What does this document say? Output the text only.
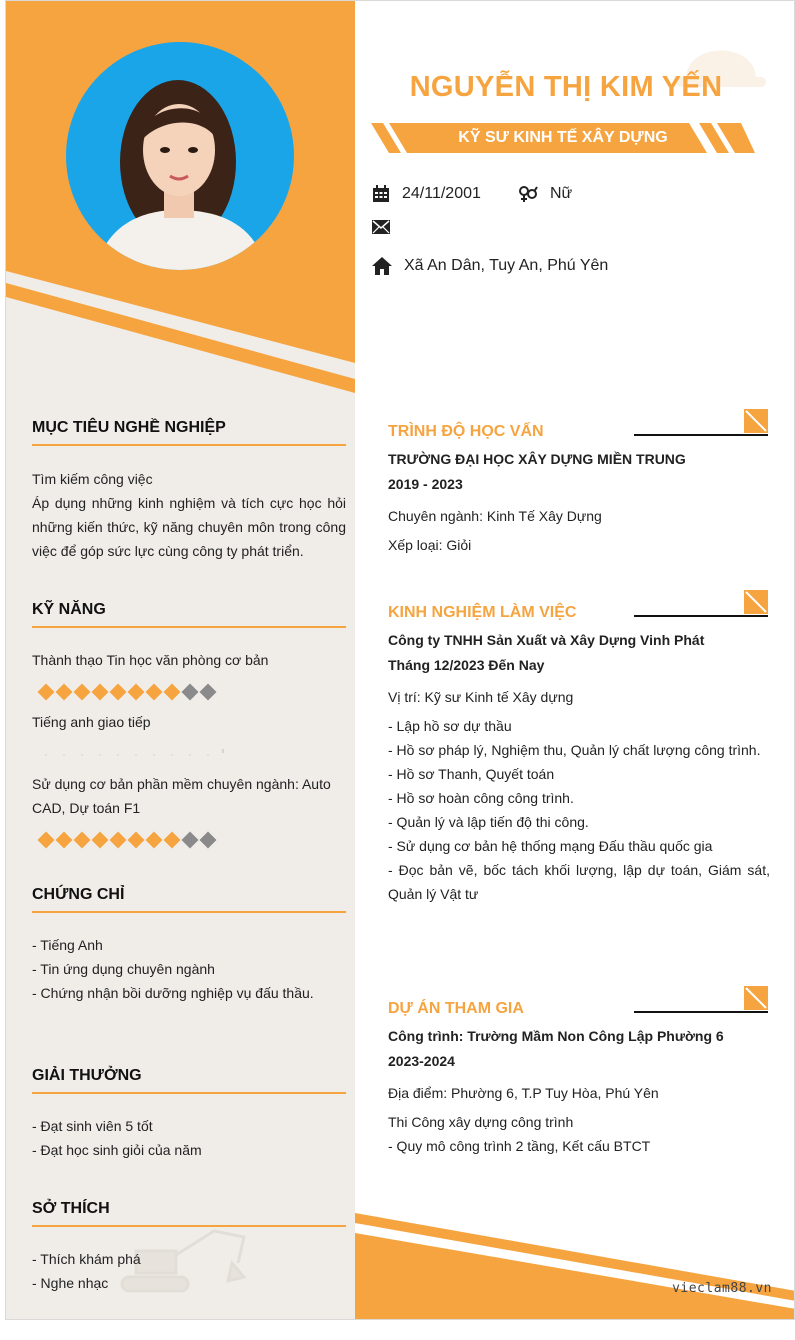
MỤC TIÊU NGHỀ NGHIỆP
Tìm kiếm công việc
Áp dụng những kinh nghiệm và tích cực học hỏi những kiến thức, kỹ năng chuyên môn trong công việc để góp sức lực cùng công ty phát triển.
KỸ NĂNG
Thành thạo Tin học văn phòng cơ bản
Tiếng anh giao tiếp
Sử dụng cơ bản phần mềm chuyên ngành: Auto CAD, Dự toán F1
CHỨNG CHỈ
- Tiếng Anh
- Tin ứng dụng chuyên ngành
- Chứng nhận bồi dưỡng nghiệp vụ đấu thầu.
GIẢI THƯỞNG
- Đạt sinh viên 5 tốt
- Đạt học sinh giỏi của năm
SỞ THÍCH
- Thích khám phá
- Nghe nhạc
NGUYỄN THỊ KIM YẾN
KỸ SƯ KINH TẾ XÂY DỰNG
24/11/2001	Nữ
Xã An Dân, Tuy An, Phú Yên
TRÌNH ĐỘ HỌC VẤN
TRƯỜNG ĐẠI HỌC XÂY DỰNG MIỀN TRUNG
2019 - 2023
Chuyên ngành: Kinh Tế Xây Dựng
Xếp loại: Giỏi
KINH NGHIỆM LÀM VIỆC
Công ty TNHH Sản Xuất và Xây Dựng Vinh Phát
Tháng 12/2023 Đến Nay
Vị trí: Kỹ sư Kinh tế Xây dựng
- Lập hồ sơ dự thầu
- Hồ sơ pháp lý, Nghiệm thu, Quản lý chất lượng công trình.
- Hồ sơ Thanh, Quyết toán
- Hồ sơ hoàn công công trình.
- Quản lý và lập tiến độ thi công.
- Sử dụng cơ bản hệ thống mạng Đấu thầu quốc gia
- Đọc bản vẽ, bốc tách khối lượng, lập dự toán, Giám sát, Quản lý Vật tư
DỰ ÁN THAM GIA
Công trình: Trường Mầm Non Công Lập Phường 6
2023-2024
Địa điểm: Phường 6, T.P Tuy Hòa, Phú Yên
Thi Công xây dựng công trình
- Quy mô công trình 2 tầng, Kết cấu BTCT
vieclam88.vn
